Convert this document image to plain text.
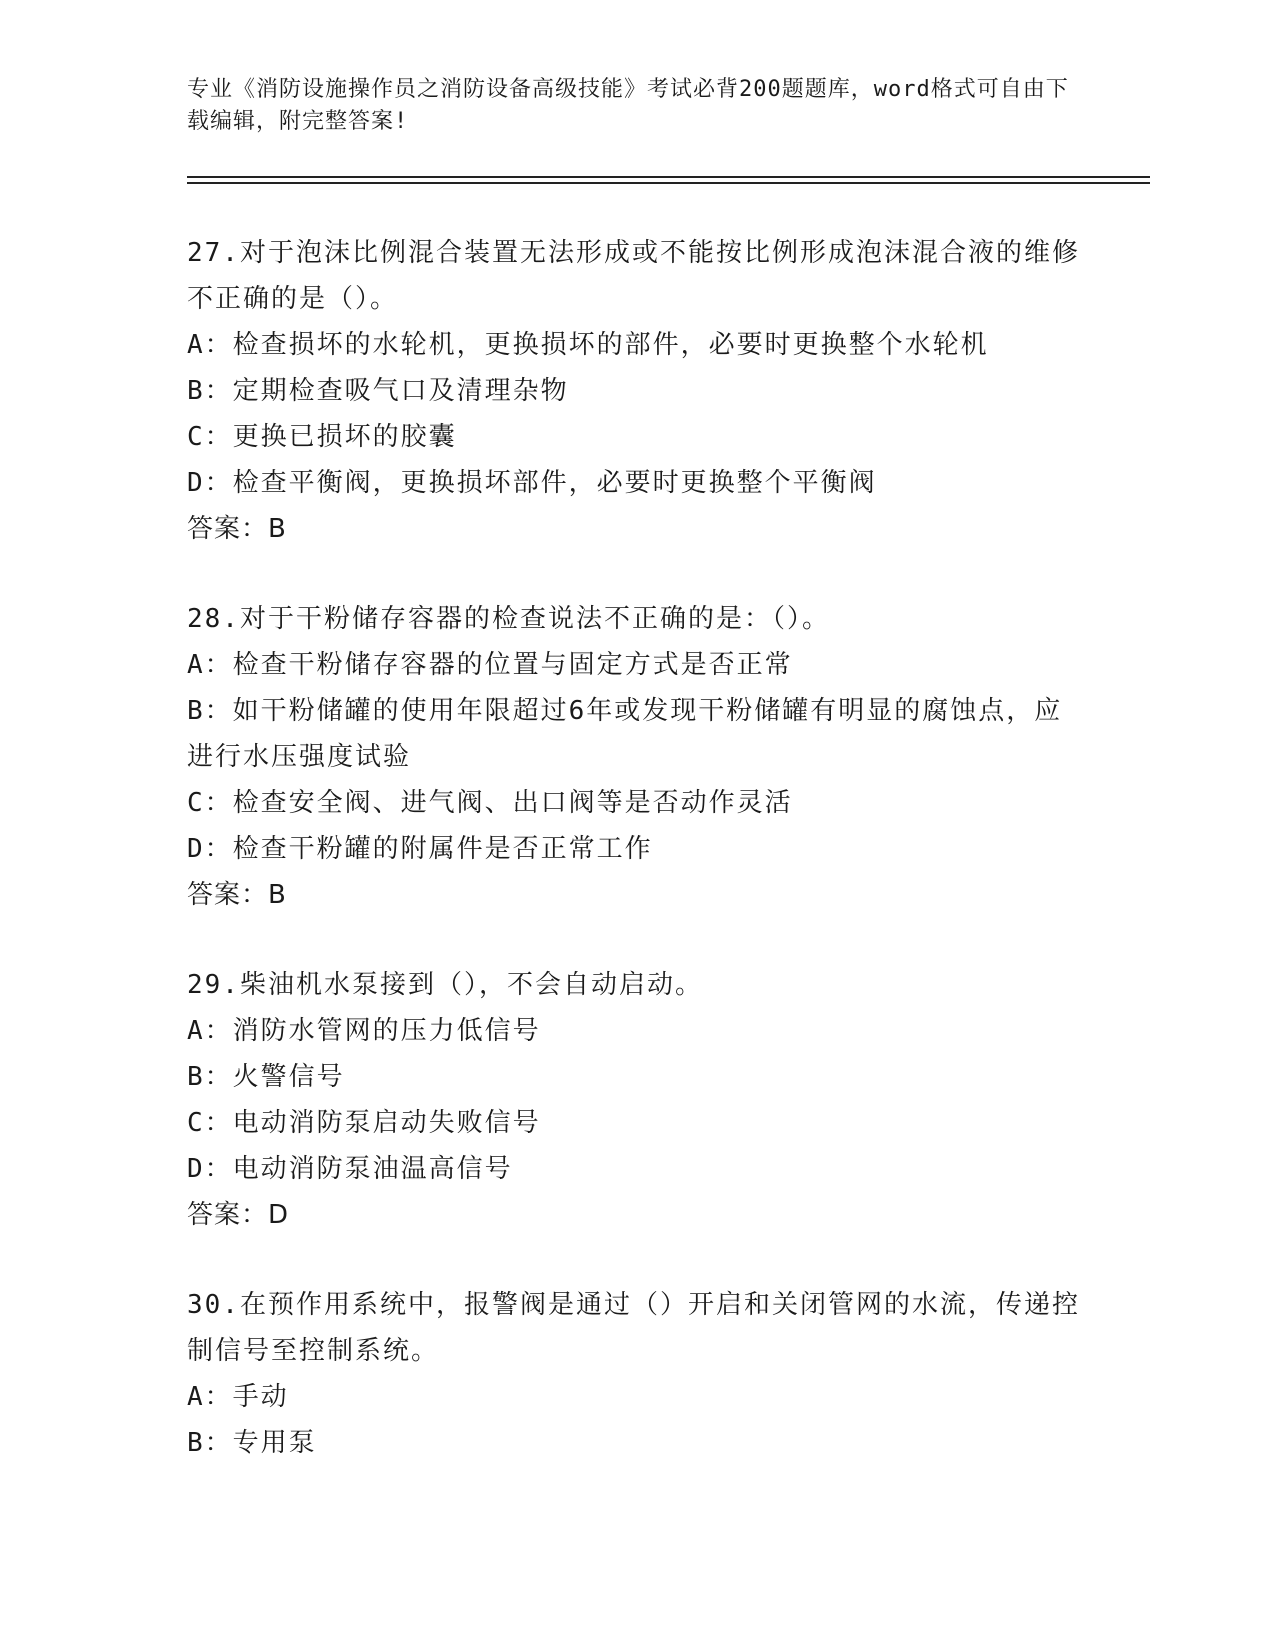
专业《消防设施操作员之消防设备高级技能》考试必背200题题库，word格式可自由下载编辑，附完整答案!
27.对于泡沫比例混合装置无法形成或不能按比例形成泡沫混合液的维修不正确的是（）。
A：检查损坏的水轮机，更换损坏的部件，必要时更换整个水轮机
B：定期检查吸气口及清理杂物
C：更换已损坏的胶囊
D：检查平衡阀，更换损坏部件，必要时更换整个平衡阀
答案：B
28.对于干粉储存容器的检查说法不正确的是：（）。
A：检查干粉储存容器的位置与固定方式是否正常
B：如干粉储罐的使用年限超过6年或发现干粉储罐有明显的腐蚀点，应进行水压强度试验
C：检查安全阀、进气阀、出口阀等是否动作灵活
D：检查干粉罐的附属件是否正常工作
答案：B
29.柴油机水泵接到（），不会自动启动。
A：消防水管网的压力低信号
B：火警信号
C：电动消防泵启动失败信号
D：电动消防泵油温高信号
答案：D
30.在预作用系统中，报警阀是通过（）开启和关闭管网的水流，传递控制信号至控制系统。
A：手动
B：专用泵
